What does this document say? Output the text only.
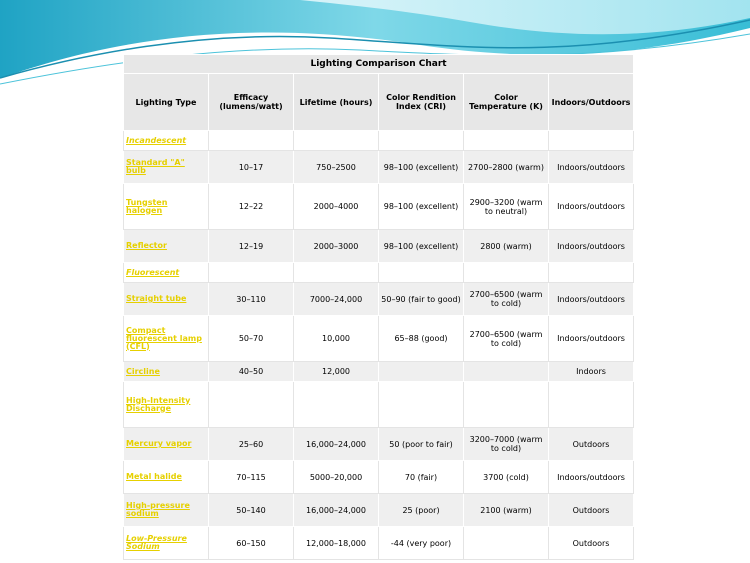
Lighting Comparison Chart					
Lighting Type	Efficacy (lumens/watt)	Lifetime (hours)	Color Rendition Index (CRI)	Color Temperature (K)	Indoors/Outdoors
Incandescent					
Standard "A" bulb	10–17	750–2500	98–100 (excellent)	2700–2800 (warm)	Indoors/outdoors
Tungsten halogen	12–22	2000–4000	98–100 (excellent)	2900–3200 (warm to neutral)	Indoors/outdoors
Reflector	12–19	2000–3000	98–100 (excellent)	2800 (warm)	Indoors/outdoors
Fluorescent					
Straight tube	30–110	7000–24,000	50–90 (fair to good)	2700–6500 (warm to cold)	Indoors/outdoors
Compact fluorescent lamp (CFL)	50–70	10,000	65–88 (good)	2700–6500 (warm to cold)	Indoors/outdoors
Circline	40–50	12,000			Indoors
High-Intensity Discharge					
Mercury vapor	25–60	16,000–24,000	50 (poor to fair)	3200–7000 (warm to cold)	Outdoors
Metal halide	70–115	5000–20,000	70 (fair)	3700 (cold)	Indoors/outdoors
High-pressure sodium	50–140	16,000–24,000	25 (poor)	2100 (warm)	Outdoors
Low-Pressure Sodium	60–150	12,000–18,000	-44 (very poor)		Outdoors
